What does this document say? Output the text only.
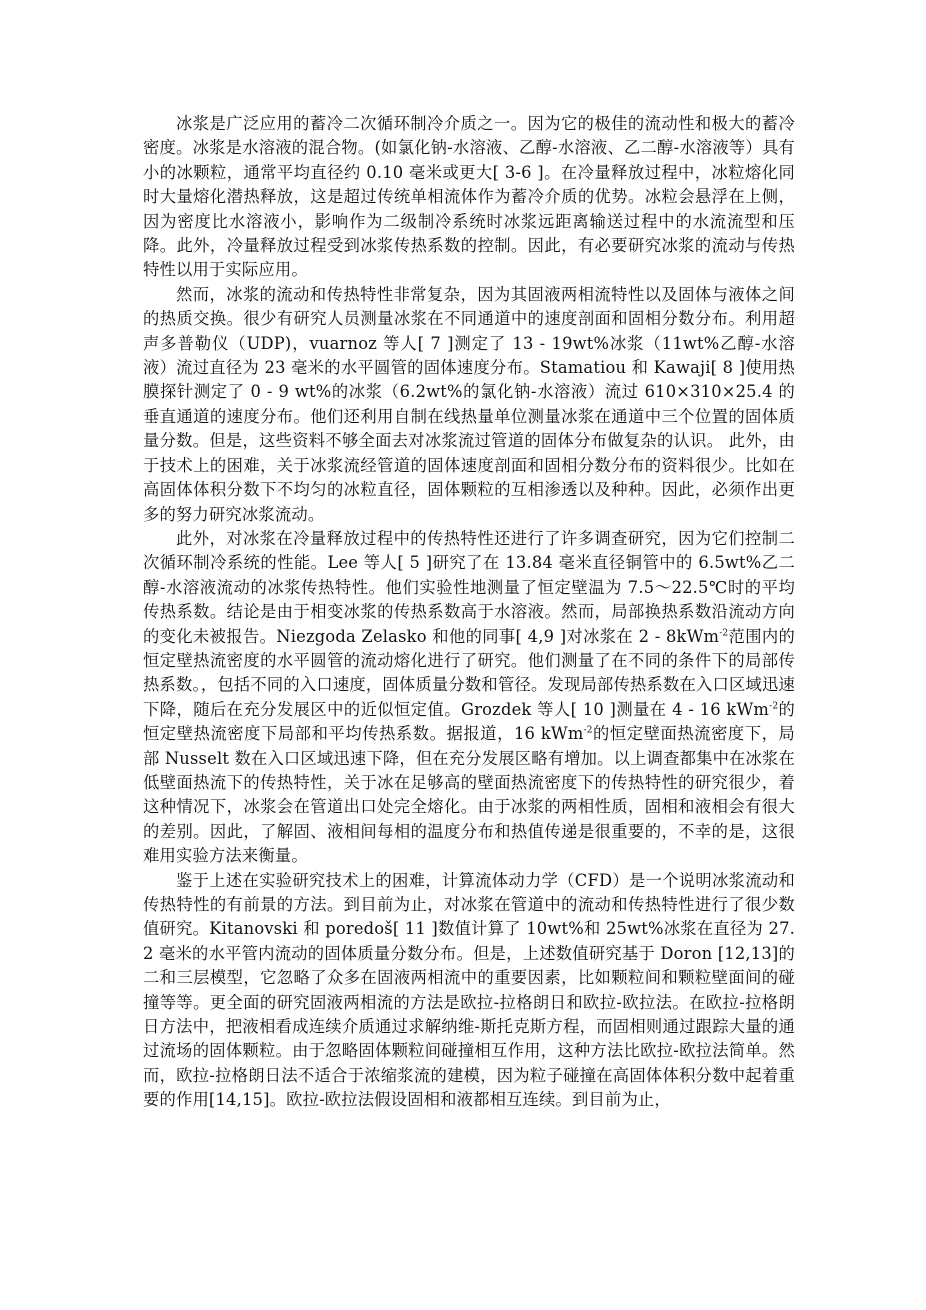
冰浆是广泛应用的蓄冷二次循环制冷介质之一。因为它的极佳的流动性和极大的蓄冷密度。冰浆是水溶液的混合物。(如氯化钠-水溶液、乙醇-水溶液、乙二醇-水溶液等）具有小的冰颗粒，通常平均直径约 0.10 毫米或更大[ 3-6 ]。在冷量释放过程中，冰粒熔化同时大量熔化潜热释放，这是超过传统单相流体作为蓄冷介质的优势。冰粒会悬浮在上侧，因为密度比水溶液小，影响作为二级制冷系统时冰浆远距离输送过程中的水流流型和压降。此外，冷量释放过程受到冰浆传热系数的控制。因此，有必要研究冰浆的流动与传热特性以用于实际应用。

然而，冰浆的流动和传热特性非常复杂，因为其固液两相流特性以及固体与液体之间的热质交换。很少有研究人员测量冰浆在不同通道中的速度剖面和固相分数分布。利用超声多普勒仪（UDP)，vuarnoz 等人[ 7 ]测定了 13 - 19wt%冰浆（11wt%乙醇-水溶液）流过直径为 23 毫米的水平圆管的固体速度分布。Stamatiou 和 Kawaji[ 8 ]使用热膜探针测定了 0 - 9 wt%的冰浆（6.2wt%的氯化钠-水溶液）流过 610×310×25.4 的垂直通道的速度分布。他们还利用自制在线热量单位测量冰浆在通道中三个位置的固体质量分数。但是，这些资料不够全面去对冰浆流过管道的固体分布做复杂的认识。 此外，由于技术上的困难，关于冰浆流经管道的固体速度剖面和固相分数分布的资料很少。比如在高固体体积分数下不均匀的冰粒直径，固体颗粒的互相渗透以及种种。因此，必须作出更多的努力研究冰浆流动。

此外，对冰浆在冷量释放过程中的传热特性还进行了许多调查研究，因为它们控制二次循环制冷系统的性能。Lee 等人[ 5 ]研究了在 13.84 毫米直径铜管中的 6.5wt%乙二醇-水溶液流动的冰浆传热特性。他们实验性地测量了恒定壁温为 7.5～22.5℃时的平均传热系数。结论是由于相变冰浆的传热系数高于水溶液。然而，局部换热系数沿流动方向的变化未被报告。Niezgoda Zelasko 和他的同事[ 4,9 ]对冰浆在 2 - 8kWm$^{-2}$范围内的恒定壁热流密度的水平圆管的流动熔化进行了研究。他们测量了在不同的条件下的局部传热系数。，包括不同的入口速度，固体质量分数和管径。发现局部传热系数在入口区域迅速下降，随后在充分发展区中的近似恒定值。Grozdek 等人[ 10 ]测量在 4 - 16 kWm$^{-2}$的恒定壁热流密度下局部和平均传热系数。据报道，16 kWm$^{-2}$的恒定壁面热流密度下，局部 Nusselt 数在入口区域迅速下降，但在充分发展区略有增加。以上调查都集中在冰浆在低壁面热流下的传热特性，关于冰在足够高的壁面热流密度下的传热特性的研究很少，着这种情况下，冰浆会在管道出口处完全熔化。由于冰浆的两相性质，固相和液相会有很大的差别。因此，了解固、液相间每相的温度分布和热值传递是很重要的，不幸的是，这很难用实验方法来衡量。

鉴于上述在实验研究技术上的困难，计算流体动力学（CFD）是一个说明冰浆流动和传热特性的有前景的方法。到目前为止，对冰浆在管道中的流动和传热特性进行了很少数值研究。Kitanovski 和 poredoš[ 11 ]数值计算了 10wt%和 25wt%冰浆在直径为 27.2 毫米的水平管内流动的固体质量分数分布。但是，上述数值研究基于 Doron [12,13]的二和三层模型，它忽略了众多在固液两相流中的重要因素，比如颗粒间和颗粒壁面间的碰撞等等。更全面的研究固液两相流的方法是欧拉-拉格朗日和欧拉-欧拉法。在欧拉-拉格朗日方法中，把液相看成连续介质通过求解纳维-斯托克斯方程，而固相则通过跟踪大量的通过流场的固体颗粒。由于忽略固体颗粒间碰撞相互作用，这种方法比欧拉-欧拉法简单。然而，欧拉-拉格朗日法不适合于浓缩浆流的建模，因为粒子碰撞在高固体体积分数中起着重要的作用[14,15]。欧拉-欧拉法假设固相和液都相互连续。到目前为止，
